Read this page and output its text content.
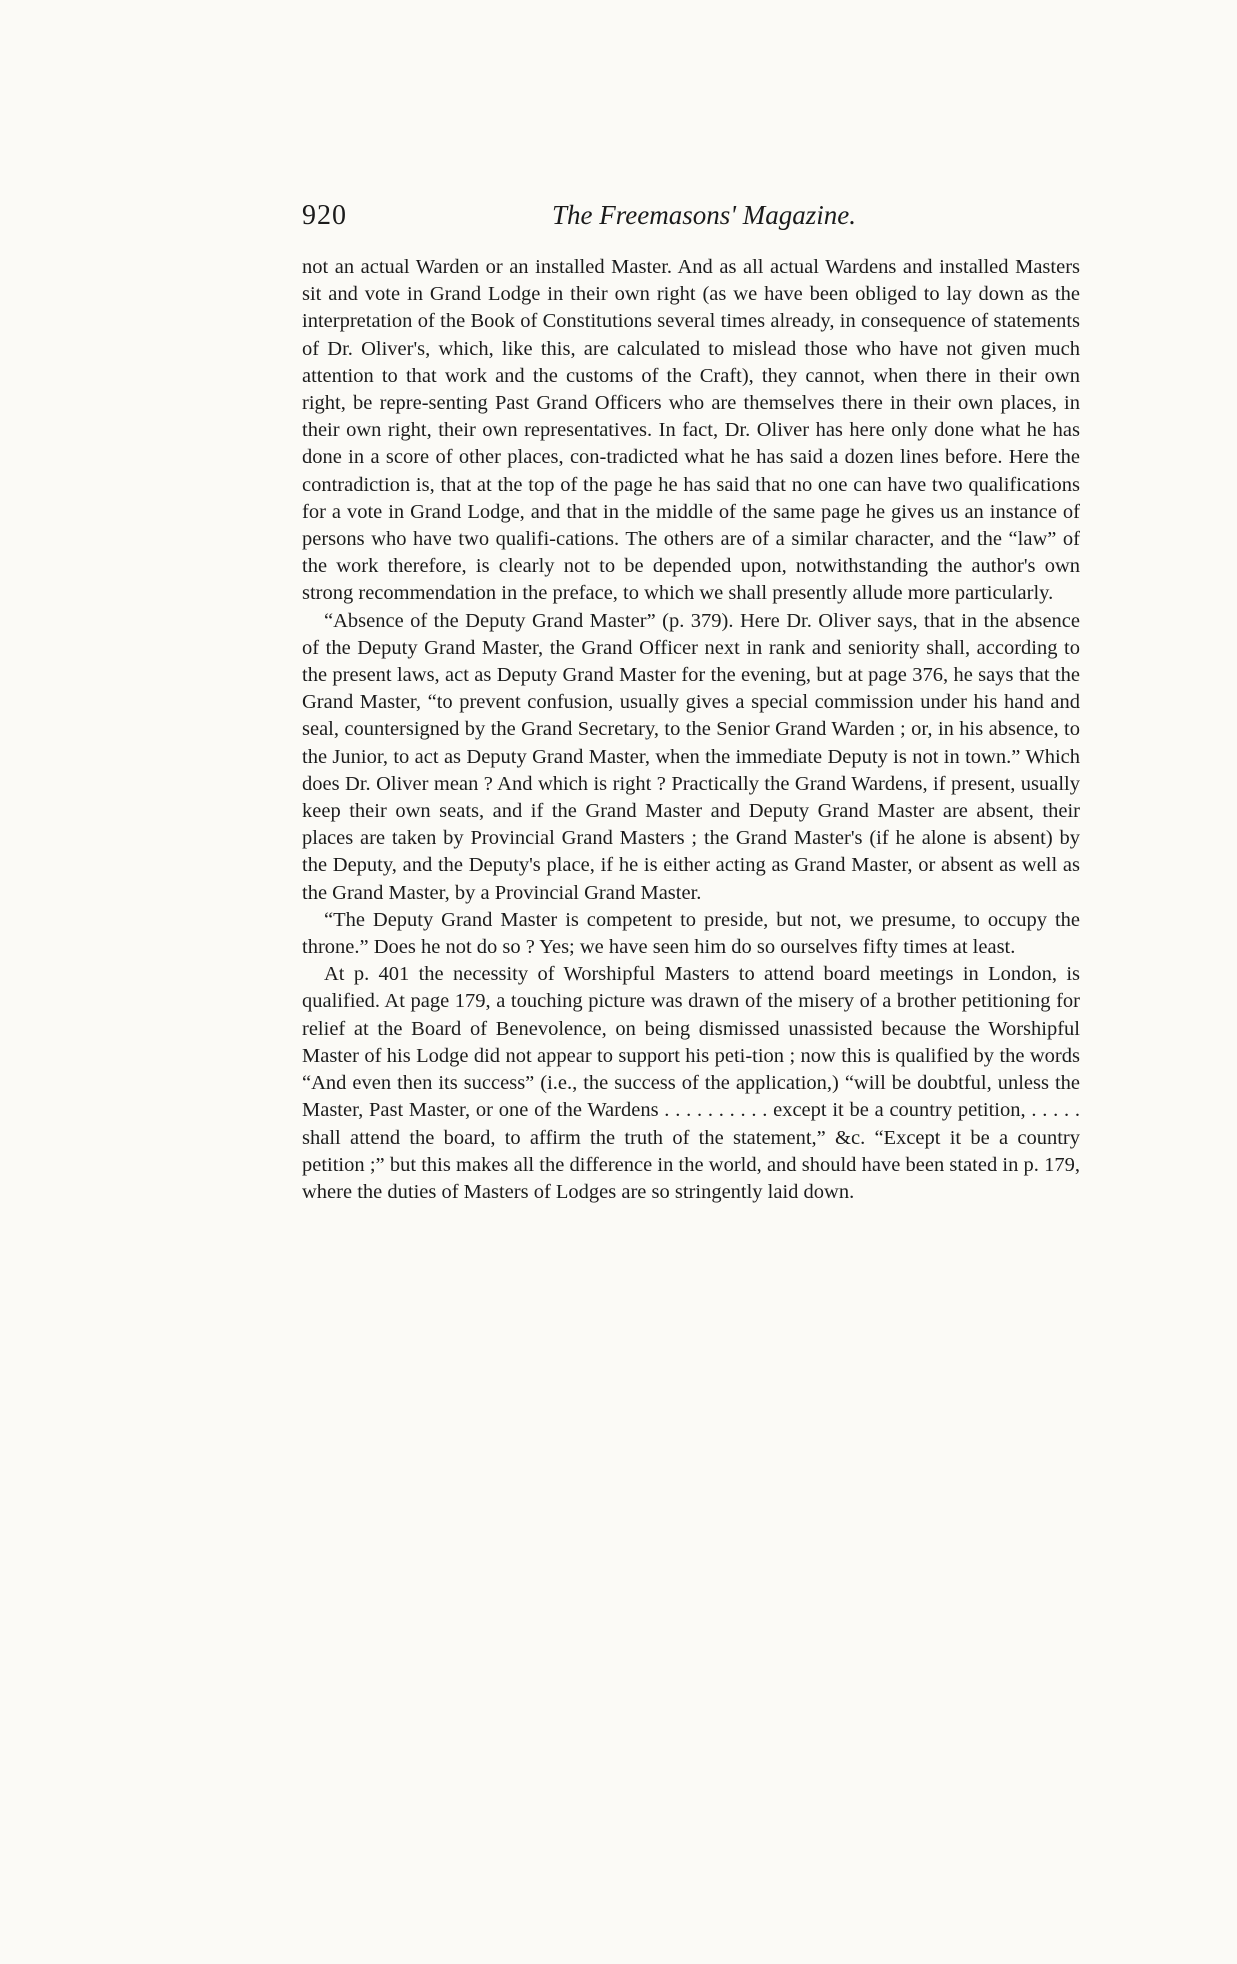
920	The Freemasons' Magazine.

not an actual Warden or an installed Master. And as all actual Wardens and installed Masters sit and vote in Grand Lodge in their own right (as we have been obliged to lay down as the interpretation of the Book of Constitutions several times already, in consequence of statements of Dr. Oliver's, which, like this, are calculated to mislead those who have not given much attention to that work and the customs of the Craft), they cannot, when there in their own right, be repre-senting Past Grand Officers who are themselves there in their own places, in their own right, their own representatives. In fact, Dr. Oliver has here only done what he has done in a score of other places, con-tradicted what he has said a dozen lines before. Here the contradiction is, that at the top of the page he has said that no one can have two qualifications for a vote in Grand Lodge, and that in the middle of the same page he gives us an instance of persons who have two qualifi-cations. The others are of a similar character, and the “law” of the work therefore, is clearly not to be depended upon, notwithstanding the author's own strong recommendation in the preface, to which we shall presently allude more particularly.

“Absence of the Deputy Grand Master” (p. 379). Here Dr. Oliver says, that in the absence of the Deputy Grand Master, the Grand Officer next in rank and seniority shall, according to the present laws, act as Deputy Grand Master for the evening, but at page 376, he says that the Grand Master, “to prevent confusion, usually gives a special commission under his hand and seal, countersigned by the Grand Secretary, to the Senior Grand Warden ; or, in his absence, to the Junior, to act as Deputy Grand Master, when the immediate Deputy is not in town.” Which does Dr. Oliver mean ? And which is right ? Practically the Grand Wardens, if present, usually keep their own seats, and if the Grand Master and Deputy Grand Master are absent, their places are taken by Provincial Grand Masters ; the Grand Master's (if he alone is absent) by the Deputy, and the Deputy's place, if he is either acting as Grand Master, or absent as well as the Grand Master, by a Provincial Grand Master.

“The Deputy Grand Master is competent to preside, but not, we presume, to occupy the throne.” Does he not do so ? Yes; we have seen him do so ourselves fifty times at least.

At p. 401 the necessity of Worshipful Masters to attend board meetings in London, is qualified. At page 179, a touching picture was drawn of the misery of a brother petitioning for relief at the Board of Benevolence, on being dismissed unassisted because the Worshipful Master of his Lodge did not appear to support his peti-tion ; now this is qualified by the words “And even then its success” (i.e., the success of the application,) “will be doubtful, unless the Master, Past Master, or one of the Wardens . . . . . . . . . . except it be a country petition, . . . . . shall attend the board, to affirm the truth of the statement,” &c. “Except it be a country petition ;” but this makes all the difference in the world, and should have been stated in p. 179, where the duties of Masters of Lodges are so stringently laid down.
